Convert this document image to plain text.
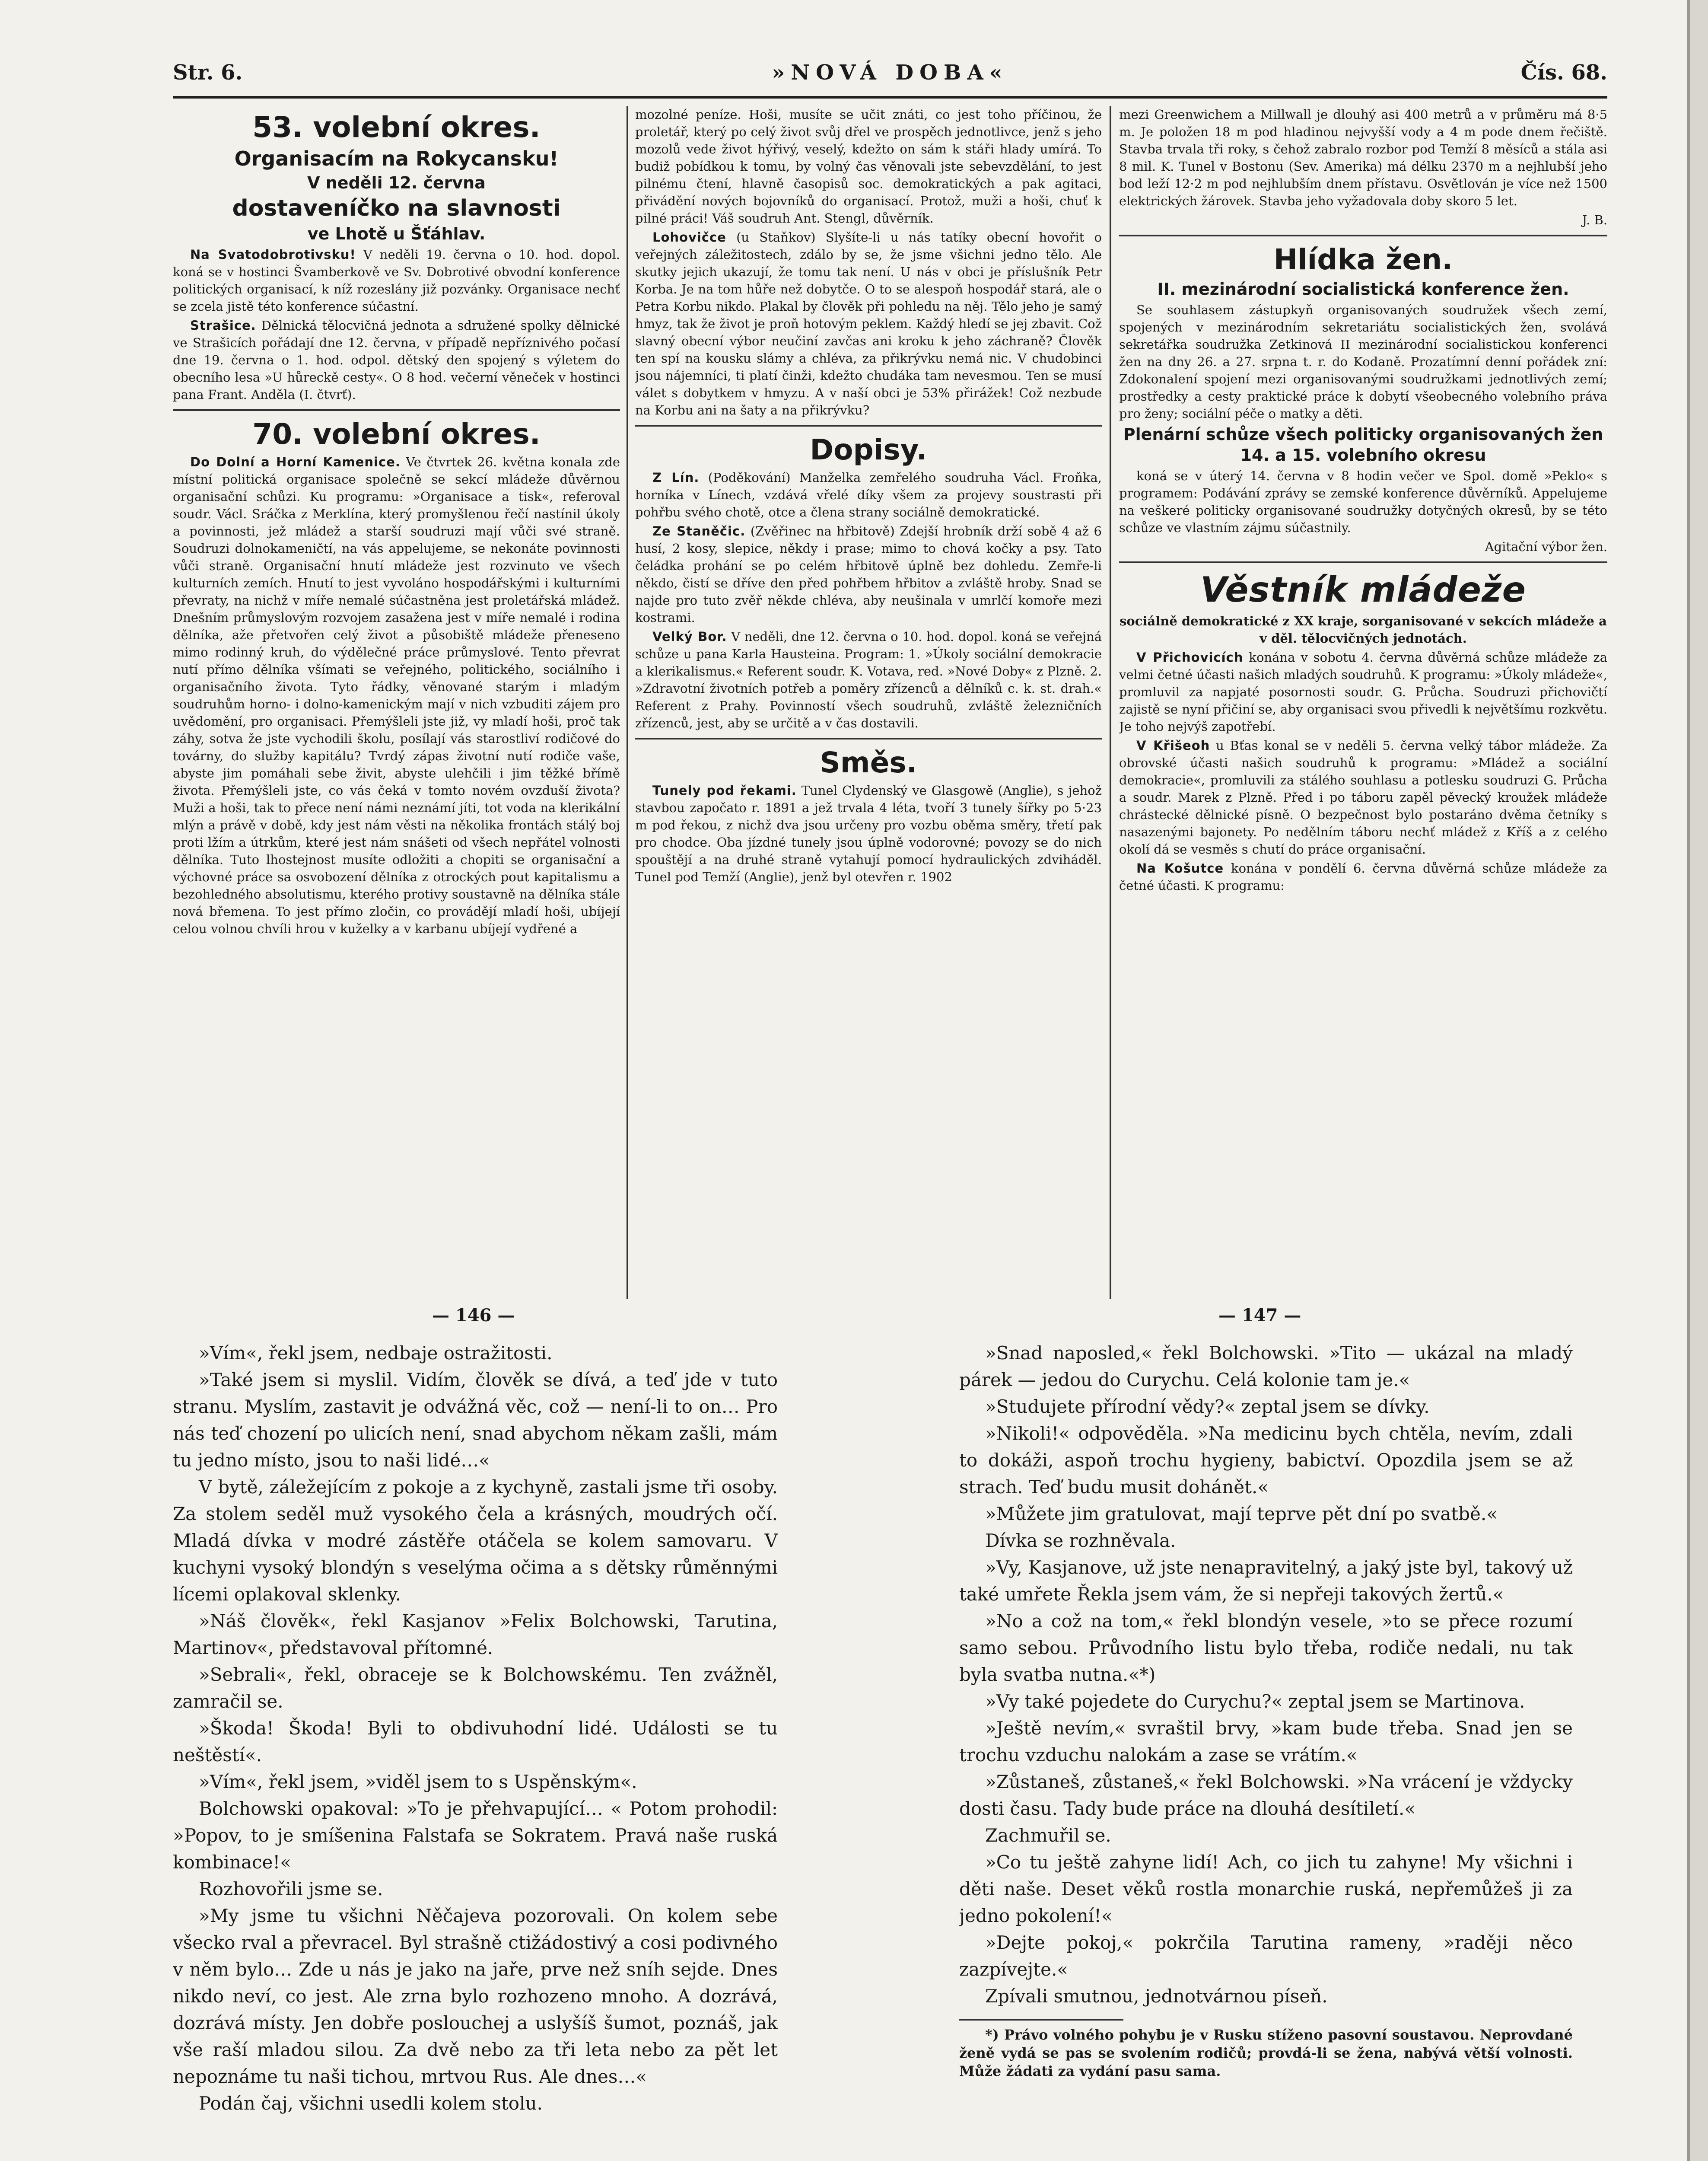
Str. 6.	»NOVÁ DOBA«	Čís. 68.
53. volební okres.
Organisacím na Rokycansku!
V neděli 12. června
dostaveníčko na slavnosti
ve Lhotě u Šťáhlav.

Na Svatodobrotivsku! V neděli 19. června o 10. hod. dopol. koná se v hostinci Švamberkově ve Sv. Dobrotivé obvodní konference politických organisací, k níž rozeslány již pozvánky. Organisace nechť se zcela jistě této konference súčastní.

Strašice. Dělnická tělocvičná jednota a sdružené spolky dělnické ve Strašicích pořádají dne 12. června, v případě nepříznivého počasí dne 19. června o 1. hod. odpol. dětský den spojený s výletem do obecního lesa »U hůreckě cesty«. O 8 hod. večerní věneček v hostinci pana Frant. Anděla (I. čtvrť).

70. volební okres.

Do Dolní a Horní Kamenice. Ve čtvrtek 26. května konala zde místní politická organisace společně se sekcí mládeže důvěrnou organisační schůzi. Ku programu: »Organisace a tisk«, referoval soudr. Václ. Sráčka z Merklína, který promyšlenou řečí nastínil úkoly a povinnosti, jež mládež a starší soudruzi mají vůči své straně. Soudruzi dolnokameničtí, na vás appelujeme, se nekonáte povinnosti vůči straně. Organisační hnutí mládeže jest rozvinuto ve všech kulturních zemích. Hnutí to jest vyvoláno hospodářskými i kulturními převraty, na nichž v míře nemalé súčastněna jest proletářská mládež. Dnešním průmyslovým rozvojem zasažena jest v míře nemalé i rodina dělníka, aže přetvořen celý život a působiště mládeže přeneseno mimo rodinný kruh, do výdělečné práce průmyslové. Tento převrat nutí přímo dělníka všímati se veřejného, politického, sociálního i organisačního života. Tyto řádky, věnované starým i mladým soudruhům horno- i dolno-kamenickým mají v nich vzbuditi zájem pro uvědomění, pro organisaci. Přemýšleli jste již, vy mladí hoši, proč tak záhy, sotva že jste vychodili školu, posílají vás starostliví rodičové do továrny, do služby kapitálu? Tvrdý zápas životní nutí rodiče vaše, abyste jim pomáhali sebe živit, abyste ulehčili i jim těžké břímě života. Přemýšleli jste, co vás čeká v tomto novém ovzduší života? Muži a hoši, tak to přece není námi neznámí jíti, tot voda na klerikální mlýn a právě v době, kdy jest nám věsti na několika frontách stálý boj proti lžím a útrkům, které jest nám snášeti od všech nepřátel volnosti dělníka. Tuto lhostejnost musíte odložiti a chopiti se organisační a výchovné práce sa osvobození dělníka z otrockých pout kapitalismu a bezohledného absolutismu, kterého protivy soustavně na dělníka stále nová břemena. To jest přímo zločin, co provádějí mladí hoši, ubíjejí celou volnou chvíli hrou v kuželky a v karbanu ubíjejí vydřené a

mozolné peníze. Hoši, musíte se učit znáti, co jest toho příčinou, že proletář, který po celý život svůj dřel ve prospěch jednotlivce, jenž s jeho mozolů vede život hýřivý, veselý, kdežto on sám k stáři hlady umírá. To budiž pobídkou k tomu, by volný čas věnovali jste sebevzdělání, to jest pilnému čtení, hlavně časopisů soc. demokratických a pak agitaci, přivádění nových bojovníků do organisací. Protož, muži a hoši, chuť k pilné práci! Váš soudruh Ant. Stengl, důvěrník.

Lohovičce (u Staňkov) Slyšíte-li u nás tatíky obecní hovořit o veřejných záležitostech, zdálo by se, že jsme všichni jedno tělo. Ale skutky jejich ukazují, že tomu tak není. U nás v obci je příslušník Petr Korba. Je na tom hůře než dobytče. O to se alespoň hospodář stará, ale o Petra Korbu nikdo. Plakal by člověk při pohledu na něj. Tělo jeho je samý hmyz, tak že život je proň hotovým peklem. Každý hledí se jej zbavit. Což slavný obecní výbor neučiní zavčas ani kroku k jeho záchraně? Člověk ten spí na kousku slámy a chléva, za přikrývku nemá nic. V chudobinci jsou nájemníci, ti platí činži, kdežto chudáka tam nevesmou. Ten se musí válet s dobytkem v hmyzu. A v naší obci je 53% přirážek! Což nezbude na Korbu ani na šaty a na přikrývku?

Dopisy.

Z Lín. (Poděkování) Manželka zemřelého soudruha Václ. Froňka, horníka v Línech, vzdává vřelé díky všem za projevy soustrasti při pohřbu svého chotě, otce a člena strany sociálně demokratické.

Ze Staněčic. (Zvěřinec na hřbitově) Zdejší hrobník drží sobě 4 až 6 husí, 2 kosy, slepice, někdy i prase; mimo to chová kočky a psy. Tato čeládka prohání se po celém hřbitově úplně bez dohledu. Zemře-li někdo, čistí se dříve den před pohřbem hřbitov a zvláště hroby. Snad se najde pro tuto zvěř někde chlévа, aby neušinala v umrlčí komoře mezi kostrami.

Velký Bor. V neděli, dne 12. června o 10. hod. dopol. koná se veřejná schůze u pana Karla Hausteina. Program: 1. »Úkoly sociální demokracie a klerikalismus.« Referent soudr. K. Votava, red. »Nové Doby« z Plzně. 2. »Zdravotní životních potřeb a poměry zřízenců a dělníků c. k. st. drah.« Referent z Prahy. Povinností všech soudruhů, zvláště železničních zřízenců, jest, aby se určitě a v čas dostavili.

Směs.

Tunely pod řekami. Tunel Clydenský ve Glasgowě (Anglie), s jehož stavbou započato r. 1891 a jež trvala 4 léta, tvoří 3 tunely šířky po 5·23 m pod řekou, z nichž dva jsou určeny pro vozbu oběma směry, třetí pak pro chodce. Oba jízdné tunely jsou úplně vodorovné; povozy se do nich spouštějí a na druhé straně vytahují pomocí hydraulických zdviháděl. Tunel pod Temží (Anglie), jenž byl otevřen r. 1902

mezi Greenwichem a Millwall je dlouhý asi 400 metrů a v průměru má 8·5 m. Je položen 18 m pod hladinou nejvyšší vody a 4 m pode dnem řečiště. Stavba trvala tři roky, s čehož zabralo rozbor pod Temží 8 měsíců a stála asi 8 mil. K. Tunel v Bostonu (Sev. Amerika) má délku 2370 m a nejhlubší jeho bod leží 12·2 m pod nejhlubším dnem přístavu. Osvětlován je více než 1500 elektrických žárovek. Stavba jeho vyžadovala doby skoro 5 let.

J. B.

Hlídka žen.
II. mezinárodní socialistická konference žen.

Se souhlasem zástupkyň organisovaných soudružek všech zemí, spojených v mezinárodním sekretariátu socialistických žen, svolává sekretářka soudružka Zetkinová II mezinárodní socialistickou konferenci žen na dny 26. a 27. srpna t. r. do Kodaně. Prozatímní denní pořádek zní: Zdokonalení spojení mezi organisovanými soudružkami jednotlivých zemí; prostředky a cesty praktické práce k dobytí všeobecného volebního práva pro ženy; sociální péče o matky a děti.

Plenární schůze všech politicky organisovaných žen 14. a 15. volebního okresu

koná se v úterý 14. června v 8 hodin večer ve Spol. domě »Peklo« s programem: Podávání zprávy se zemské konference důvěrníků. Appelujeme na veškeré politicky organisované soudružky dotyčných okresů, by se této schůze ve vlastním zájmu súčastnily.

Agitační výbor žen.

Věstník mládeže

sociálně demokratické z XX kraje, sorganisované v sekcích mládeže a v děl. tělocvičných jednotách.

V Přichovicích konána v sobotu 4. června důvěrná schůze mládeže za velmi četné účasti našich mladých soudruhů. K programu: »Úkoly mládeže«, promluvil za napjaté posornosti soudr. G. Průcha. Soudruzi přichovičtí zajistě se nyní přičiní se, aby organisaci svou přivedli k největšímu rozkvětu. Je toho nejvýš zapotřebí.

V Křišeoh u Bťas konal se v neděli 5. června velký tábor mládeže. Za obrovské účasti našich soudruhů k programu: »Mládež a sociální demokracie«, promluvili za stálého souhlasu a potlesku soudruzi G. Průcha a soudr. Marek z Plzně. Před i po táboru zapěl pěvecký kroužek mládeže chrástecké dělnické písně. O bezpečnost bylo postaráno dvěma četníky s nasazenými bajonety. Po nedělním táboru nechť mládež z Kříš a z celého okolí dá se vesměs s chutí do práce organisační.

Na Košutce konána v pondělí 6. června důvěrná schůze mládeže za četné účasti. K programu:

— 146 —	— 147 —

»Vím«, řekl jsem, nedbaje ostražitosti.

»Také jsem si myslil. Vidím, člověk se dívá, a teď jde v tuto stranu. Myslím, zastavit je odvážná věc, což — není-li to on… Pro nás teď chození po ulicích není, snad abychom někam zašli, mám tu jedno místo, jsou to naši lidé…«

V bytě, záležejícím z pokoje a z kychyně, zastali jsme tři osoby. Za stolem seděl muž vysokého čela a krásných, moudrých očí. Mladá dívka v modré zástěře otáčela se kolem samovaru. V kuchyni vysoký blondýn s veselýma očima a s dětsky růměnnými lícemi oplakoval sklenky.

»Náš člověk«, řekl Kasjanov »Felix Bolchowski, Tarutina, Martinov«, představoval přítomné.

»Sebrali«, řekl, obraceje se k Bolchowskému. Ten zvážněl, zamračil se.

»Škoda! Škoda! Byli to obdivuhodní lidé. Události se tu neštěstí«.

»Vím«, řekl jsem, »viděl jsem to s Uspěnským«.

Bolchowski opakoval: »To je přehvapující… « Potom prohodil: »Popov, to je smíšenina Falstafa se Sokratem. Pravá naše ruská kombinace!«

Rozhovořili jsme se.

»My jsme tu všichni Něčajeva pozorovali. On kolem sebe všecko rval a převracel. Byl strašně ctižádostivý a cosi podivného v něm bylo… Zde u nás je jako na jaře, prve než sníh sejde. Dnes nikdo neví, co jest. Ale zrna bylo rozhozeno mnoho. A dozrává, dozrává místy. Jen dobře poslouchej a uslyšíš šumot, poznáš, jak vše raší mladou silou. Za dvě nebo za tři leta nebo za pět let nepoznáme tu naši tichou, mrtvou Rus. Ale dnes…«

Podán čaj, všichni usedli kolem stolu.

»Snad naposled,« řekl Bolchowski. »Tito — ukázal na mladý párek — jedou do Curychu. Celá kolonie tam je.«

»Studujete přírodní vědy?« zeptal jsem se dívky.

»Nikoli!« odpověděla. »Na medicinu bych chtěla, nevím, zdali to dokáži, aspoň trochu hygieny, babictví. Opozdila jsem se až strach. Teď budu musit dohánět.«

»Můžete jim gratulovat, mají teprve pět dní po svatbě.«

Dívka se rozhněvala.

»Vy, Kasjanove, už jste nenapravitelný, a jaký jste byl, takový už také umřete Řekla jsem vám, že si nepřeji takových žertů.«

»No a což na tom,« řekl blondýn vesele, »to se přece rozumí samo sebou. Průvodního listu bylo třeba, rodiče nedali, nu tak byla svatba nutna.«*)

»Vy také pojedete do Curychu?« zeptal jsem se Martinova.

»Ještě nevím,« svraštil brvy, »kam bude třeba. Snad jen se trochu vzduchu nalokám a zase se vrátím.«

»Zůstaneš, zůstaneš,« řekl Bolchowski. »Na vrácení je vždycky dosti času. Tady bude práce na dlouhá desítiletí.«

Zachmuřil se.

»Co tu ještě zahyne lidí! Ach, co jich tu zahyne! My všichni i děti naše. Deset věků rostla monarchie ruská, nepřemůžeš ji za jedno pokolení!«

»Dejte pokoj,« pokrčila Tarutina rameny, »raději něco zazpívejte.«

Zpívali smutnou, jednotvárnou píseň.

*) Právo volného pohybu je v Rusku stíženo pasovní soustavou. Neprovdané ženě vydá se pas se svolením rodičů; provdá-li se žena, nabývá větší volnosti. Může žádati za vydání pasu sama.
